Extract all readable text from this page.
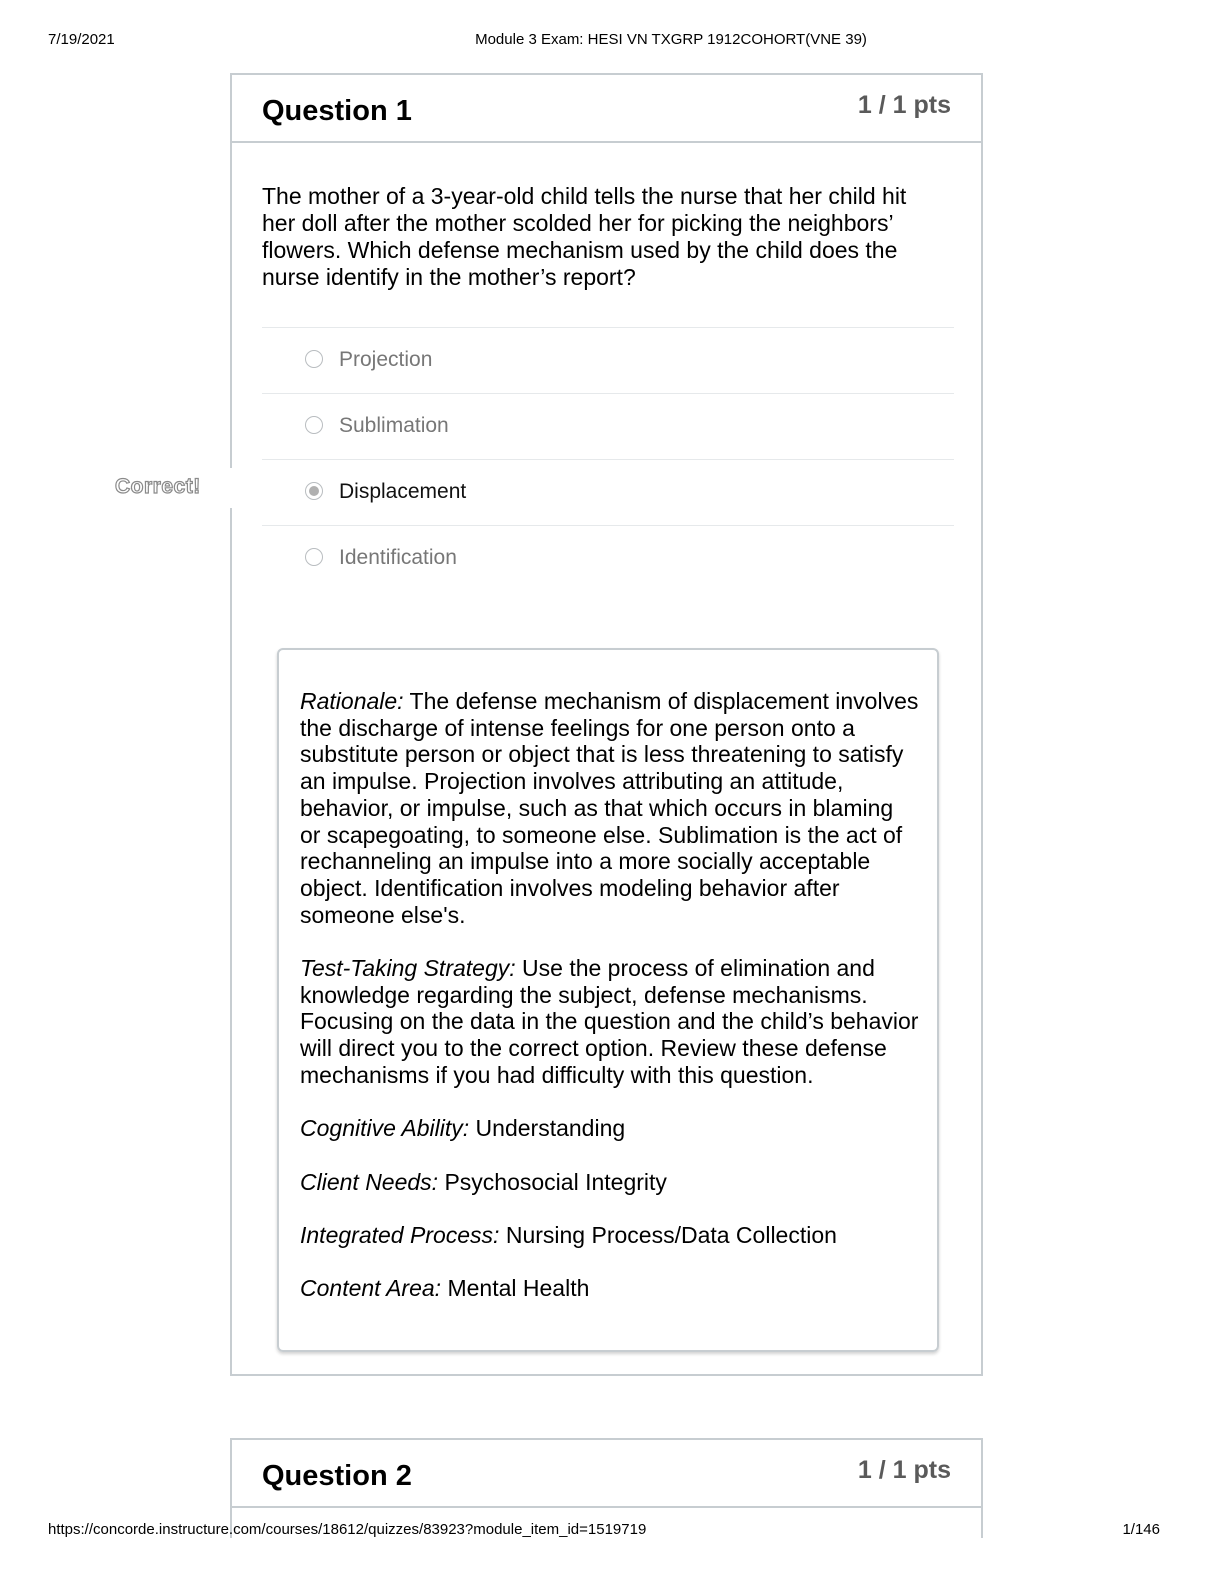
7/19/2021	Module 3 Exam: HESI VN TXGRP 1912COHORT(VNE 39)
Correct!
Question 1	1 / 1 pts
The mother of a 3-year-old child tells the nurse that her child hit her doll after the mother scolded her for picking the neighbors’ flowers. Which defense mechanism used by the child does the nurse identify in the mother’s report?
Projection
Sublimation
Displacement
Identification

Rationale: The defense mechanism of displacement involves the discharge of intense feelings for one person onto a substitute person or object that is less threatening to satisfy an impulse. Projection involves attributing an attitude, behavior, or impulse, such as that which occurs in blaming or scapegoating, to someone else. Sublimation is the act of rechanneling an impulse into a more socially acceptable object. Identification involves modeling behavior after someone else's.

Test-Taking Strategy: Use the process of elimination and knowledge regarding the subject, defense mechanisms. Focusing on the data in the question and the child’s behavior will direct you to the correct option. Review these defense mechanisms if you had difficulty with this question.

Cognitive Ability: Understanding

Client Needs: Psychosocial Integrity

Integrated Process: Nursing Process/Data Collection

Content Area: Mental Health

Question 2	1 / 1 pts
https://concorde.instructure.com/courses/18612/quizzes/83923?module_item_id=1519719	1/146
